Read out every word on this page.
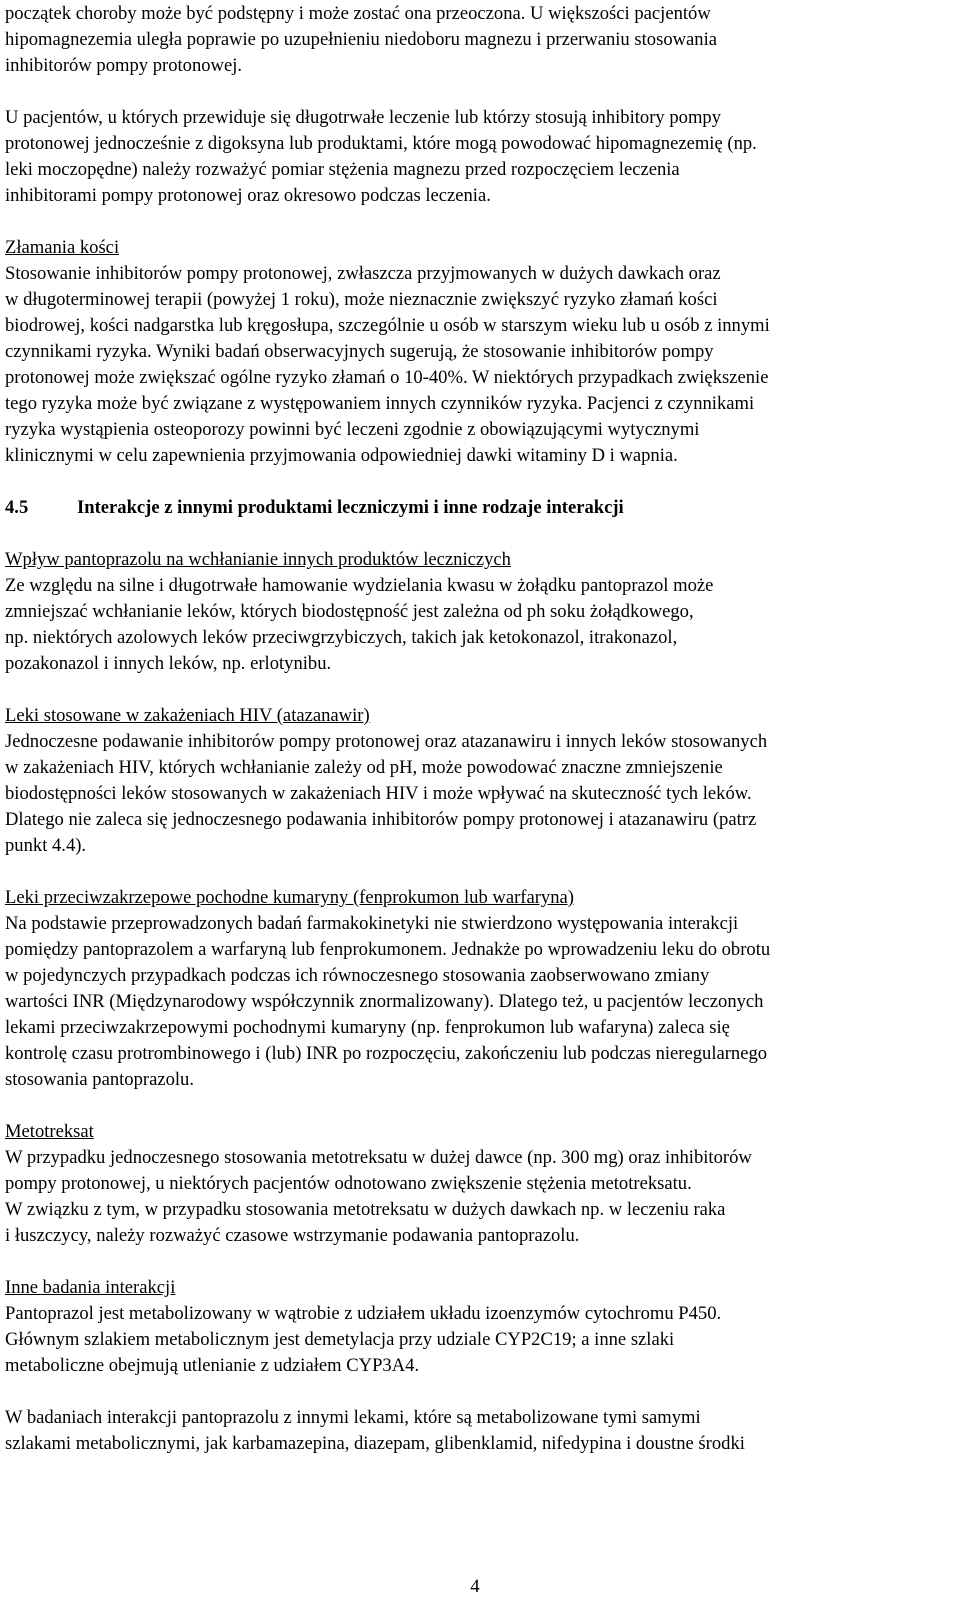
początek choroby może być podstępny i może zostać ona przeoczona. U większości pacjentów
hipomagnezemia uległa poprawie po uzupełnieniu niedoboru magnezu i przerwaniu stosowania
inhibitorów pompy protonowej.
U pacjentów, u których przewiduje się długotrwałe leczenie lub którzy stosują inhibitory pompy
protonowej jednocześnie z digoksyna lub produktami, które mogą powodować hipomagnezemię (np.
leki moczopędne) należy rozważyć pomiar stężenia magnezu przed rozpoczęciem leczenia
inhibitorami pompy protonowej oraz okresowo podczas leczenia.
Złamania kości
Stosowanie inhibitorów pompy protonowej, zwłaszcza przyjmowanych w dużych dawkach oraz
w długoterminowej terapii (powyżej 1 roku), może nieznacznie zwiększyć ryzyko złamań kości
biodrowej, kości nadgarstka lub kręgosłupa, szczególnie u osób w starszym wieku lub u osób z innymi
czynnikami ryzyka. Wyniki badań obserwacyjnych sugerują, że stosowanie inhibitorów pompy
protonowej może zwiększać ogólne ryzyko złamań o 10-40%. W niektórych przypadkach zwiększenie
tego ryzyka może być związane z występowaniem innych czynników ryzyka. Pacjenci z czynnikami
ryzyka wystąpienia osteoporozy powinni być leczeni zgodnie z obowiązującymi wytycznymi
klinicznymi w celu zapewnienia przyjmowania odpowiedniej dawki witaminy D i wapnia.
4.5	Interakcje z innymi produktami leczniczymi i inne rodzaje interakcji
Wpływ pantoprazolu na wchłanianie innych produktów leczniczych
Ze względu na silne i długotrwałe hamowanie wydzielania kwasu w żołądku pantoprazol może
zmniejszać wchłanianie leków, których biodostępność jest zależna od ph soku żołądkowego,
np. niektórych azolowych leków przeciwgrzybiczych, takich jak ketokonazol, itrakonazol,
pozakonazol i innych leków, np. erlotynibu.
Leki stosowane w zakażeniach HIV (atazanawir)
Jednoczesne podawanie inhibitorów pompy protonowej oraz atazanawiru i innych leków stosowanych
w zakażeniach HIV, których wchłanianie zależy od pH, może powodować znaczne zmniejszenie
biodostępności leków stosowanych w zakażeniach HIV i może wpływać na skuteczność tych leków.
Dlatego nie zaleca się jednoczesnego podawania inhibitorów pompy protonowej i atazanawiru (patrz
punkt 4.4).
Leki przeciwzakrzepowe pochodne kumaryny (fenprokumon lub warfaryna)
Na podstawie przeprowadzonych badań farmakokinetyki nie stwierdzono występowania interakcji
pomiędzy pantoprazolem a warfaryną lub fenprokumonem. Jednakże po wprowadzeniu leku do obrotu
w pojedynczych przypadkach podczas ich równoczesnego stosowania zaobserwowano zmiany
wartości INR (Międzynarodowy współczynnik znormalizowany). Dlatego też, u pacjentów leczonych
lekami przeciwzakrzepowymi pochodnymi kumaryny (np. fenprokumon lub wafaryna) zaleca się
kontrolę czasu protrombinowego i (lub) INR po rozpoczęciu, zakończeniu lub podczas nieregularnego
stosowania pantoprazolu.
Metotreksat
W przypadku jednoczesnego stosowania metotreksatu w dużej dawce (np. 300 mg) oraz inhibitorów
pompy protonowej, u niektórych pacjentów odnotowano zwiększenie stężenia metotreksatu.
W związku z tym, w przypadku stosowania metotreksatu w dużych dawkach np. w leczeniu raka
i łuszczycy, należy rozważyć czasowe wstrzymanie podawania pantoprazolu.
Inne badania interakcji
Pantoprazol jest metabolizowany w wątrobie z udziałem układu izoenzymów cytochromu P450.
Głównym szlakiem metabolicznym jest demetylacja przy udziale CYP2C19; a inne szlaki
metaboliczne obejmują utlenianie z udziałem CYP3A4.
W badaniach interakcji pantoprazolu z innymi lekami, które są metabolizowane tymi samymi
szlakami metabolicznymi, jak karbamazepina, diazepam, glibenklamid, nifedypina i doustne środki
4
